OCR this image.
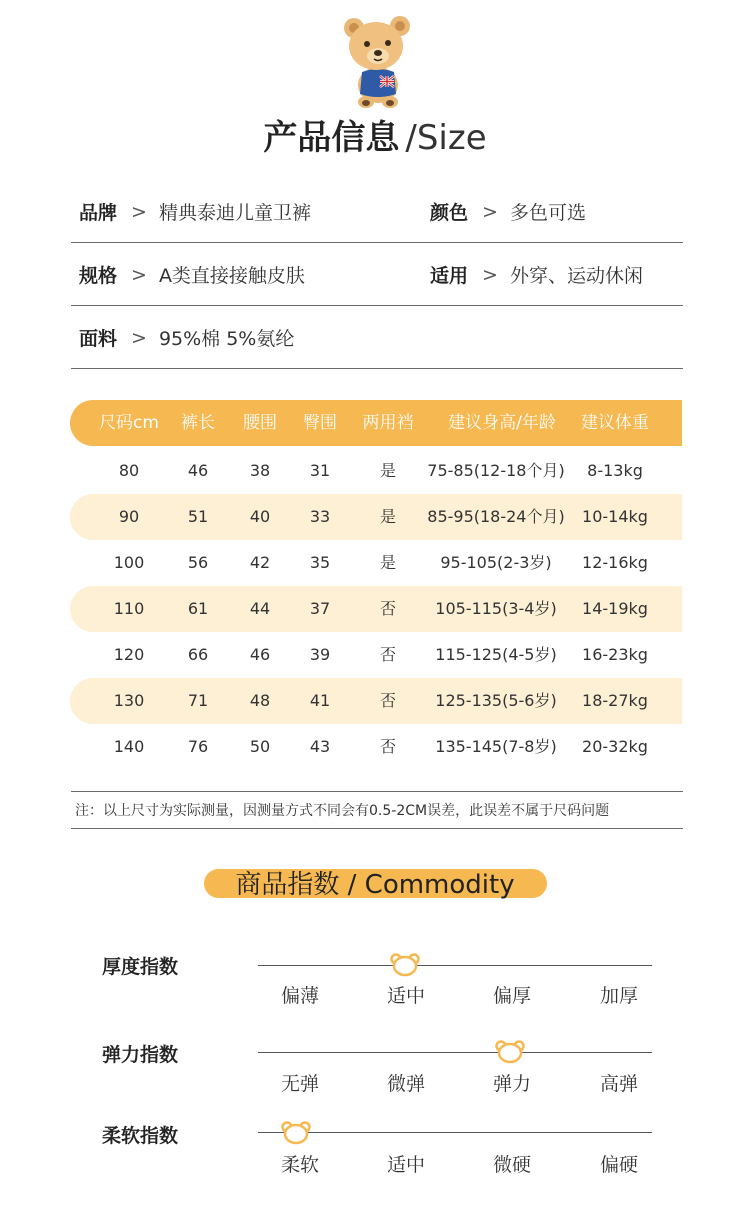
产品信息 /Size
品牌 > 精典泰迪儿童卫裤	颜色 > 多色可选
规格 > A类直接接触皮肤	适用 > 外穿、运动休闲
面料 > 95%棉 5%氨纶
尺码cm 裤长 腰围 臀围 两用裆 建议身高/年龄 建议体重
80	46	38 31	是 75-85(12-18个月) 8-13kg
90	51	40 33	是 85-95(18-24个月) 10-14kg
100	56	42 35	是	95-105(2-3岁) 12-16kg
110	61	44 37	否 105-115(3-4岁) 14-19kg
120	66	46 39	否 115-125(4-5岁) 16-23kg
130	71	48 41	否 125-135(5-6岁) 18-27kg
140	76	50 43	否 135-145(7-8岁) 20-32kg
注：以上尺寸为实际测量，因测量方式不同会有0.5-2CM误差，此误差不属于尺码问题
商品指数 / Commodity
厚度指数
偏薄	适中	偏厚	加厚
弹力指数
无弹	微弹	弹力	高弹
柔软指数
柔软	适中	微硬	偏硬
